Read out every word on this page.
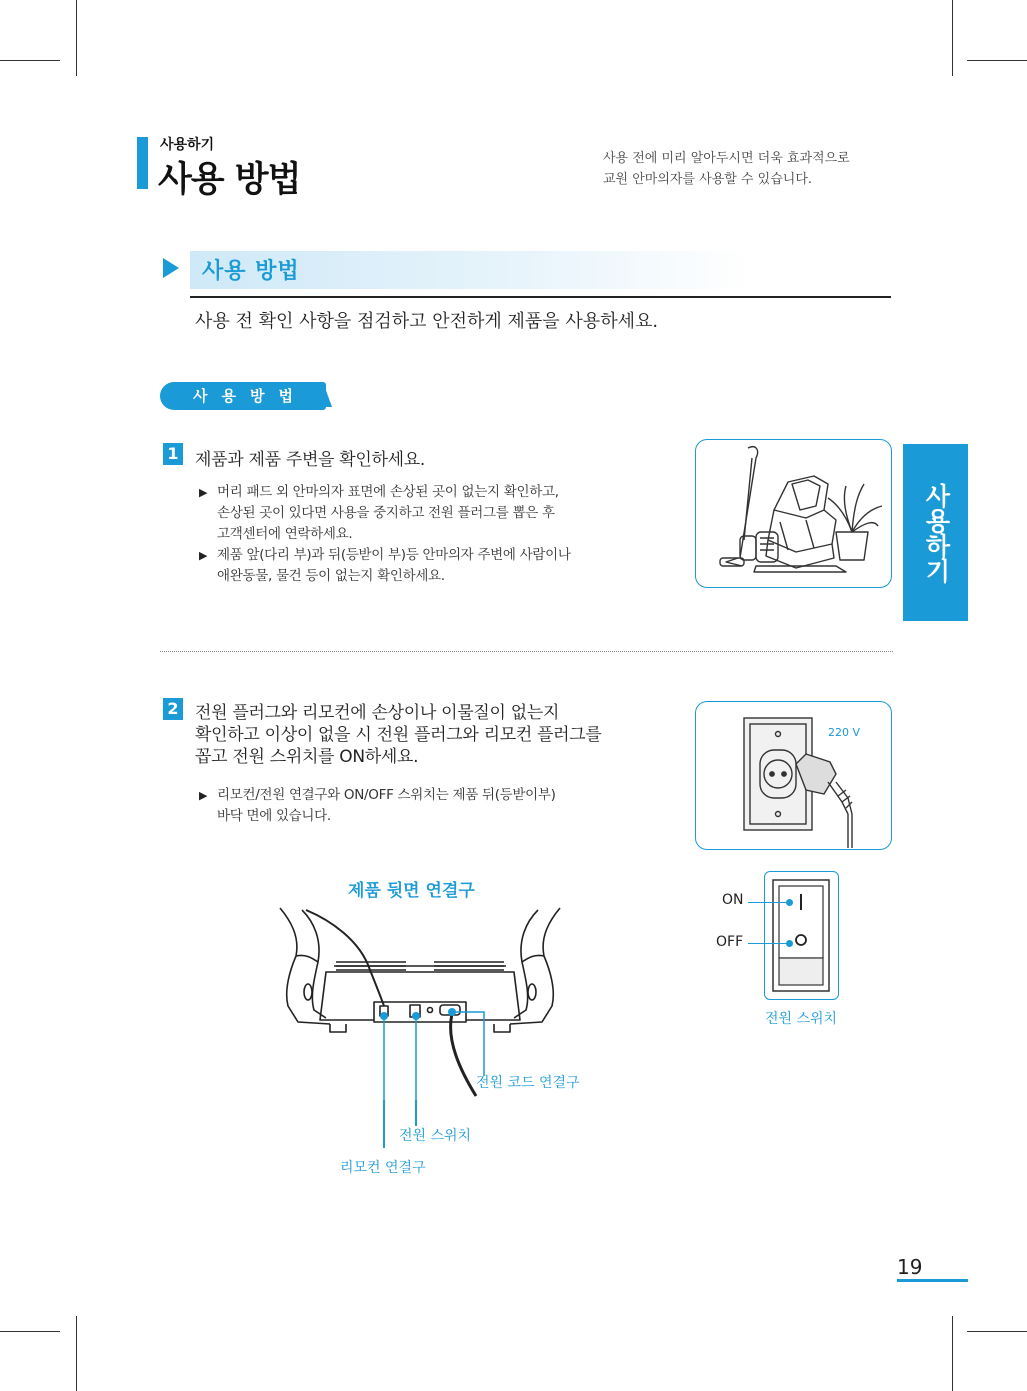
사용하기
사용 방법
사용 전에 미리 알아두시면 더욱 효과적으로
교원 안마의자를 사용할 수 있습니다.
사용 방법
사용 전 확인 사항을 점검하고 안전하게 제품을 사용하세요.
사용방법
사용하기
1 제품과 제품 주변을 확인하세요.
▶ 머리 패드 외 안마의자 표면에 손상된 곳이 없는지 확인하고,
손상된 곳이 있다면 사용을 중지하고 전원 플러그를 뽑은 후
고객센터에 연락하세요.
▶ 제품 앞(다리 부)과 뒤(등받이 부)등 안마의자 주변에 사람이나
애완동물, 물건 등이 없는지 확인하세요.
2 전원 플러그와 리모컨에 손상이나 이물질이 없는지
확인하고 이상이 없을 시 전원 플러그와 리모컨 플러그를
꼽고 전원 스위치를 ON하세요.
▶ 리모컨/전원 연결구와 ON/OFF 스위치는 제품 뒤(등받이부)
바닥 면에 있습니다.
220 V
ON
OFF
전원 스위치
제품 뒷면 연결구
전원 코드 연결구
전원 스위치
리모컨 연결구
19
